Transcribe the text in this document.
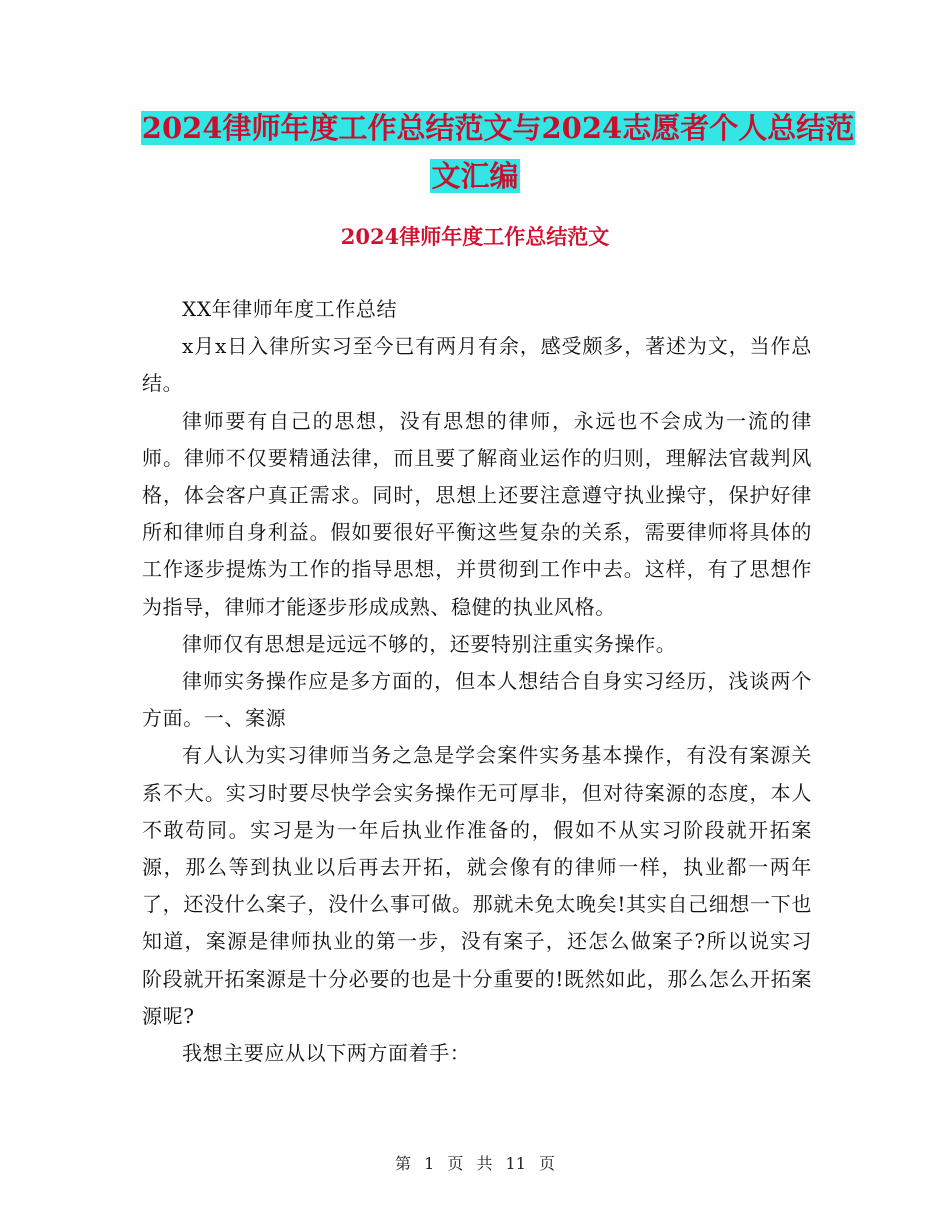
2024律师年度工作总结范文与2024志愿者个人总结范
文汇编
2024律师年度工作总结范文

XX年律师年度工作总结

x月x日入律所实习至今已有两月有余，感受颇多，著述为文，当作总结。

律师要有自己的思想，没有思想的律师，永远也不会成为一流的律师。律师不仅要精通法律，而且要了解商业运作的归则，理解法官裁判风格，体会客户真正需求。同时，思想上还要注意遵守执业操守，保护好律所和律师自身利益。假如要很好平衡这些复杂的关系，需要律师将具体的工作逐步提炼为工作的指导思想，并贯彻到工作中去。这样，有了思想作为指导，律师才能逐步形成成熟、稳健的执业风格。

律师仅有思想是远远不够的，还要特别注重实务操作。

律师实务操作应是多方面的，但本人想结合自身实习经历，浅谈两个方面。一、案源

有人认为实习律师当务之急是学会案件实务基本操作，有没有案源关系不大。实习时要尽快学会实务操作无可厚非，但对待案源的态度，本人不敢苟同。实习是为一年后执业作准备的，假如不从实习阶段就开拓案源，那么等到执业以后再去开拓，就会像有的律师一样，执业都一两年了，还没什么案子，没什么事可做。那就未免太晚矣!其实自己细想一下也知道，案源是律师执业的第一步，没有案子，还怎么做案子?所以说实习阶段就开拓案源是十分必要的也是十分重要的!既然如此，那么怎么开拓案源呢?

我想主要应从以下两方面着手：

第 1 页 共 11 页
